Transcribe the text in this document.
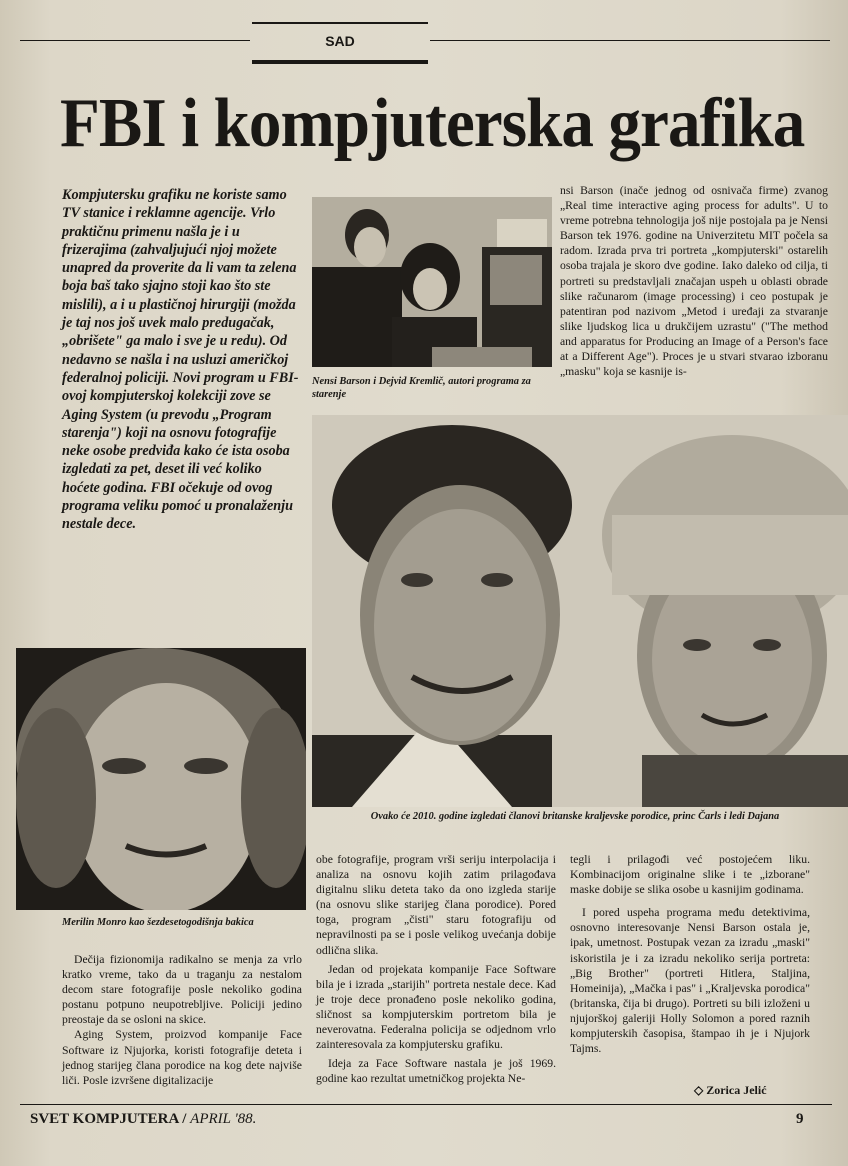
SAD
FBI i kompjuterska grafika
Kompjutersku grafiku ne koriste samo TV stanice i reklamne agencije. Vrlo praktičnu primenu našla je i u frizerajima (zahvaljujući njoj možete unapred da proverite da li vam ta zelena boja baš tako sjajno stoji kao što ste mislili), a i u plastičnoj hirurgiji (možda je taj nos još uvek malo predugačak, „obrišete" ga malo i sve je u redu). Od nedavno se našla i na usluzi američkoj federalnoj policiji. Novi program u FBI-ovoj kompjuterskoj kolekciji zove se Aging System (u prevodu „Program starenja") koji na osnovu fotografije neke osobe predviđa kako će ista osoba izgledati za pet, deset ili već koliko hoćete godina. FBI očekuje od ovog programa veliku pomoć u pronalaženju nestale dece.
Nensi Barson i Dejvid Kremlič, autori programa za starenje

nsi Barson (inače jednog od osnivača firme) zvanog „Real time interactive aging process for adults". U to vreme potrebna tehnologija još nije postojala pa je Nensi Barson tek 1976. godine na Univerzitetu MIT počela sa radom. Izrada prva tri portreta „kompjuterski" ostarelih osoba trajala je skoro dve godine. Iako daleko od cilja, ti portreti su predstavljali značajan uspeh u oblasti obrade slike računarom (image processing) i ceo postupak je patentiran pod nazivom „Metod i uređaji za stvaranje slike ljudskog lica u drukčijem uzrastu" ("The method and apparatus for Producing an Image of a Person's face at a Different Age"). Proces je u stvari stvarao izboranu „masku" koja se kasnije is-

Ovako će 2010. godine izgledati članovi britanske kraljevske porodice, princ Čarls i ledi Dajana
Merilin Monro kao šezdesetogodišnja bakica

Dečija fizionomija radikalno se menja za vrlo kratko vreme, tako da u traganju za nestalom decom stare fotografije posle nekoliko godina postanu potpuno neupotrebljive. Policiji jedino preostaje da se osloni na skice.

Aging System, proizvod kompanije Face Software iz Njujorka, koristi fotografije deteta i jednog starijeg člana porodice na kog dete najviše liči. Posle izvršene digitalizacije

obe fotografije, program vrši seriju interpolacija i analiza na osnovu kojih zatim prilagođava digitalnu sliku deteta tako da ono izgleda starije (na osnovu slike starijeg člana porodice). Pored toga, program „čisti" staru fotografiju od nepravilnosti pa se i posle velikog uvećanja dobije odlična slika.

Jedan od projekata kompanije Face Software bila je i izrada „starijih" portreta nestale dece. Kad je troje dece pronađeno posle nekoliko godina, sličnost sa kompjuterskim portretom bila je neverovatna. Federalna policija se odjednom vrlo zainteresovala za kompjutersku grafiku.

Ideja za Face Software nastala je još 1969. godine kao rezultat umetničkog projekta Ne-

tegli i prilagođi već postojećem liku. Kombinacijom originalne slike i te „izborane" maske dobije se slika osobe u kasnijim godinama.

I pored uspeha programa među detektivima, osnovno interesovanje Nensi Barson ostala je, ipak, umetnost. Postupak vezan za izradu „maski" iskoristila je i za izradu nekoliko serija portreta: „Big Brother" (portreti Hitlera, Staljina, Homeinija), „Mačka i pas" i „Kraljevska porodica" (britanska, čija bi drugo). Portreti su bili izloženi u njujorškoj galeriji Holly Solomon a pored raznih kompjuterskih časopisa, štampao ih je i Njujork Tajms.

◇ Zorica Jelić
SVET KOMPJUTERA / APRIL '88.	9
